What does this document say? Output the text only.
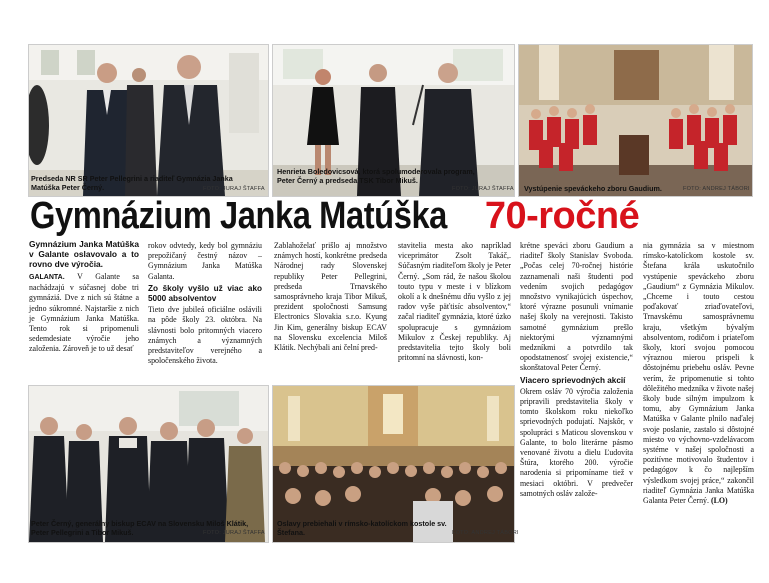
Predseda NR SR Peter Pellegrini a riaditeľ Gymnázia Janka Matúška Peter Černý.	FOTO: JURAJ ŠTAFFA
Henrieta Boledovicsová, ktorá spolumoderovala program, Peter Černý a predseda TSK Tibor Mikuš.
FOTO: JURAJ ŠTAFFA Vystúpenie speváckeho zboru Gaudium.	FOTO: ANDREJ TÁBORI
Gymnázium Janka Matúška 70-ročné

Gymnázium Janka Matúška v Galante oslavovalo a to rovno dve výročia.

GALANTA. V Galante sa nachádzajú v súčasnej dobe tri gymnáziá. Dve z nich sú štátne a jedno súkromné. Najstaršie z nich je Gymnázium Janka Matúška. Tento rok si pripomenuli sedemdesiate výročie jeho založenia. Zároveň je to už desať

rokov odvtedy, kedy bol gymnáziu prepožičaný čestný názov – Gymnázium Janka Matúška Galanta.

Zo školy vyšlo už viac ako 5000 absolventov

Tieto dve jubileá oficiálne oslávili na pôde školy 23. októbra. Na slávnosti bolo pritomných viacero známych a významných predstaviteľov verejného a spoločenského života.

Zablahoželať prišlo aj množstvo známych hostí, konkrétne predseda Národnej rady Slovenskej republiky Peter Pellegrini, predseda Trnavského samosprávneho kraja Tibor Mikuš, prezident spoločnosti Samsung Electronics Slovakia s.r.o. Kyung Jin Kim, generálny biskup ECAV na Slovensku excelencia Miloš Klátik. Nechýbali ani čelní pred-

stavitelia mesta ako napríklad viceprimátor Zsolt Takáč,. Súčasným riaditeľom školy je Peter Černý. „Som rád, že našou školou touto typu v meste i v blízkom okolí a k dnešnému dňu vyšlo z jej radov vyše päťtisíc absolventov,“ začal riaditeľ gymnázia, ktoré úzko spolupracuje s gymnáziom Mikulov z Českej republiky. Aj predstavitelia tejto školy boli pritomní na slávnosti, kon-

krétne speváci zboru Gaudium a riaditeľ školy Stanislav Svoboda. „Počas celej 70-ročnej histórie zaznamenali naši študenti pod vedením svojich pedagógov množstvo vynikajúcich úspechov, ktoré výrazne posunuli vnímanie našej školy na verejnosti. Takisto samotné gymnázium prešlo niektorými významnými medzníkmi a potvrdilo tak opodstatnenosť svojej existencie,“ skonštatoval Peter Černý.

Viacero sprievodných akcií

Okrem osláv 70 výročia založenia pripravili predstavitelia školy v tomto školskom roku niekoľko sprievodných podujatí. Najskôr, v spolupráci s Maticou slovenskou v Galante, to bolo literárne pásmo venované životu a dielu Ľudovíta Štúra, ktorého 200. výročie narodenia si pripomíname tiež v mesiaci októbri. V predvečer samotných osláv založe-

nia gymnázia sa v miestnom rímsko-katolíckom kostole sv. Štefana krála uskutočnilo vystúpenie speváckeho zboru „Gaudium“ z Gymnázia Mikulov. „Chceme i touto cestou poďakovať zriaďovateľovi, Trnavskému samosprávnemu kraju, všetkým bývalým absolventom, rodičom i priateľom školy, ktorí svojou pomocou výraznou mierou prispeli k dôstojnému priebehu osláv. Pevne verím, že pripomenutie si tohto dôležitého medzníka v živote našej školy bude silným impulzom k tomu, aby Gymnázium Janka Matúška v Galante plnilo naďalej svoje poslanie, zastalo si dôstojné miesto vo výchovno-vzdelávacom systéme v našej spoločnosti a pozitívne motivovalo študentov i pedagógov k čo najlepším výsledkom svojej práce,“ zakončil riaditeľ Gymnázia Janka Matúška Galanta Peter Černý. (LO)

Peter Černý, generálny biskup ECAV na Slovensku Miloš Klátik, Peter Pellegrini a Tibor Mikuš.	FOTO: JURAJ ŠTAFFA
Oslavy prebiehali v rímsko-katolíckom kostole sv. Štefana.	FOTO: ANDREJ TÁBORI
